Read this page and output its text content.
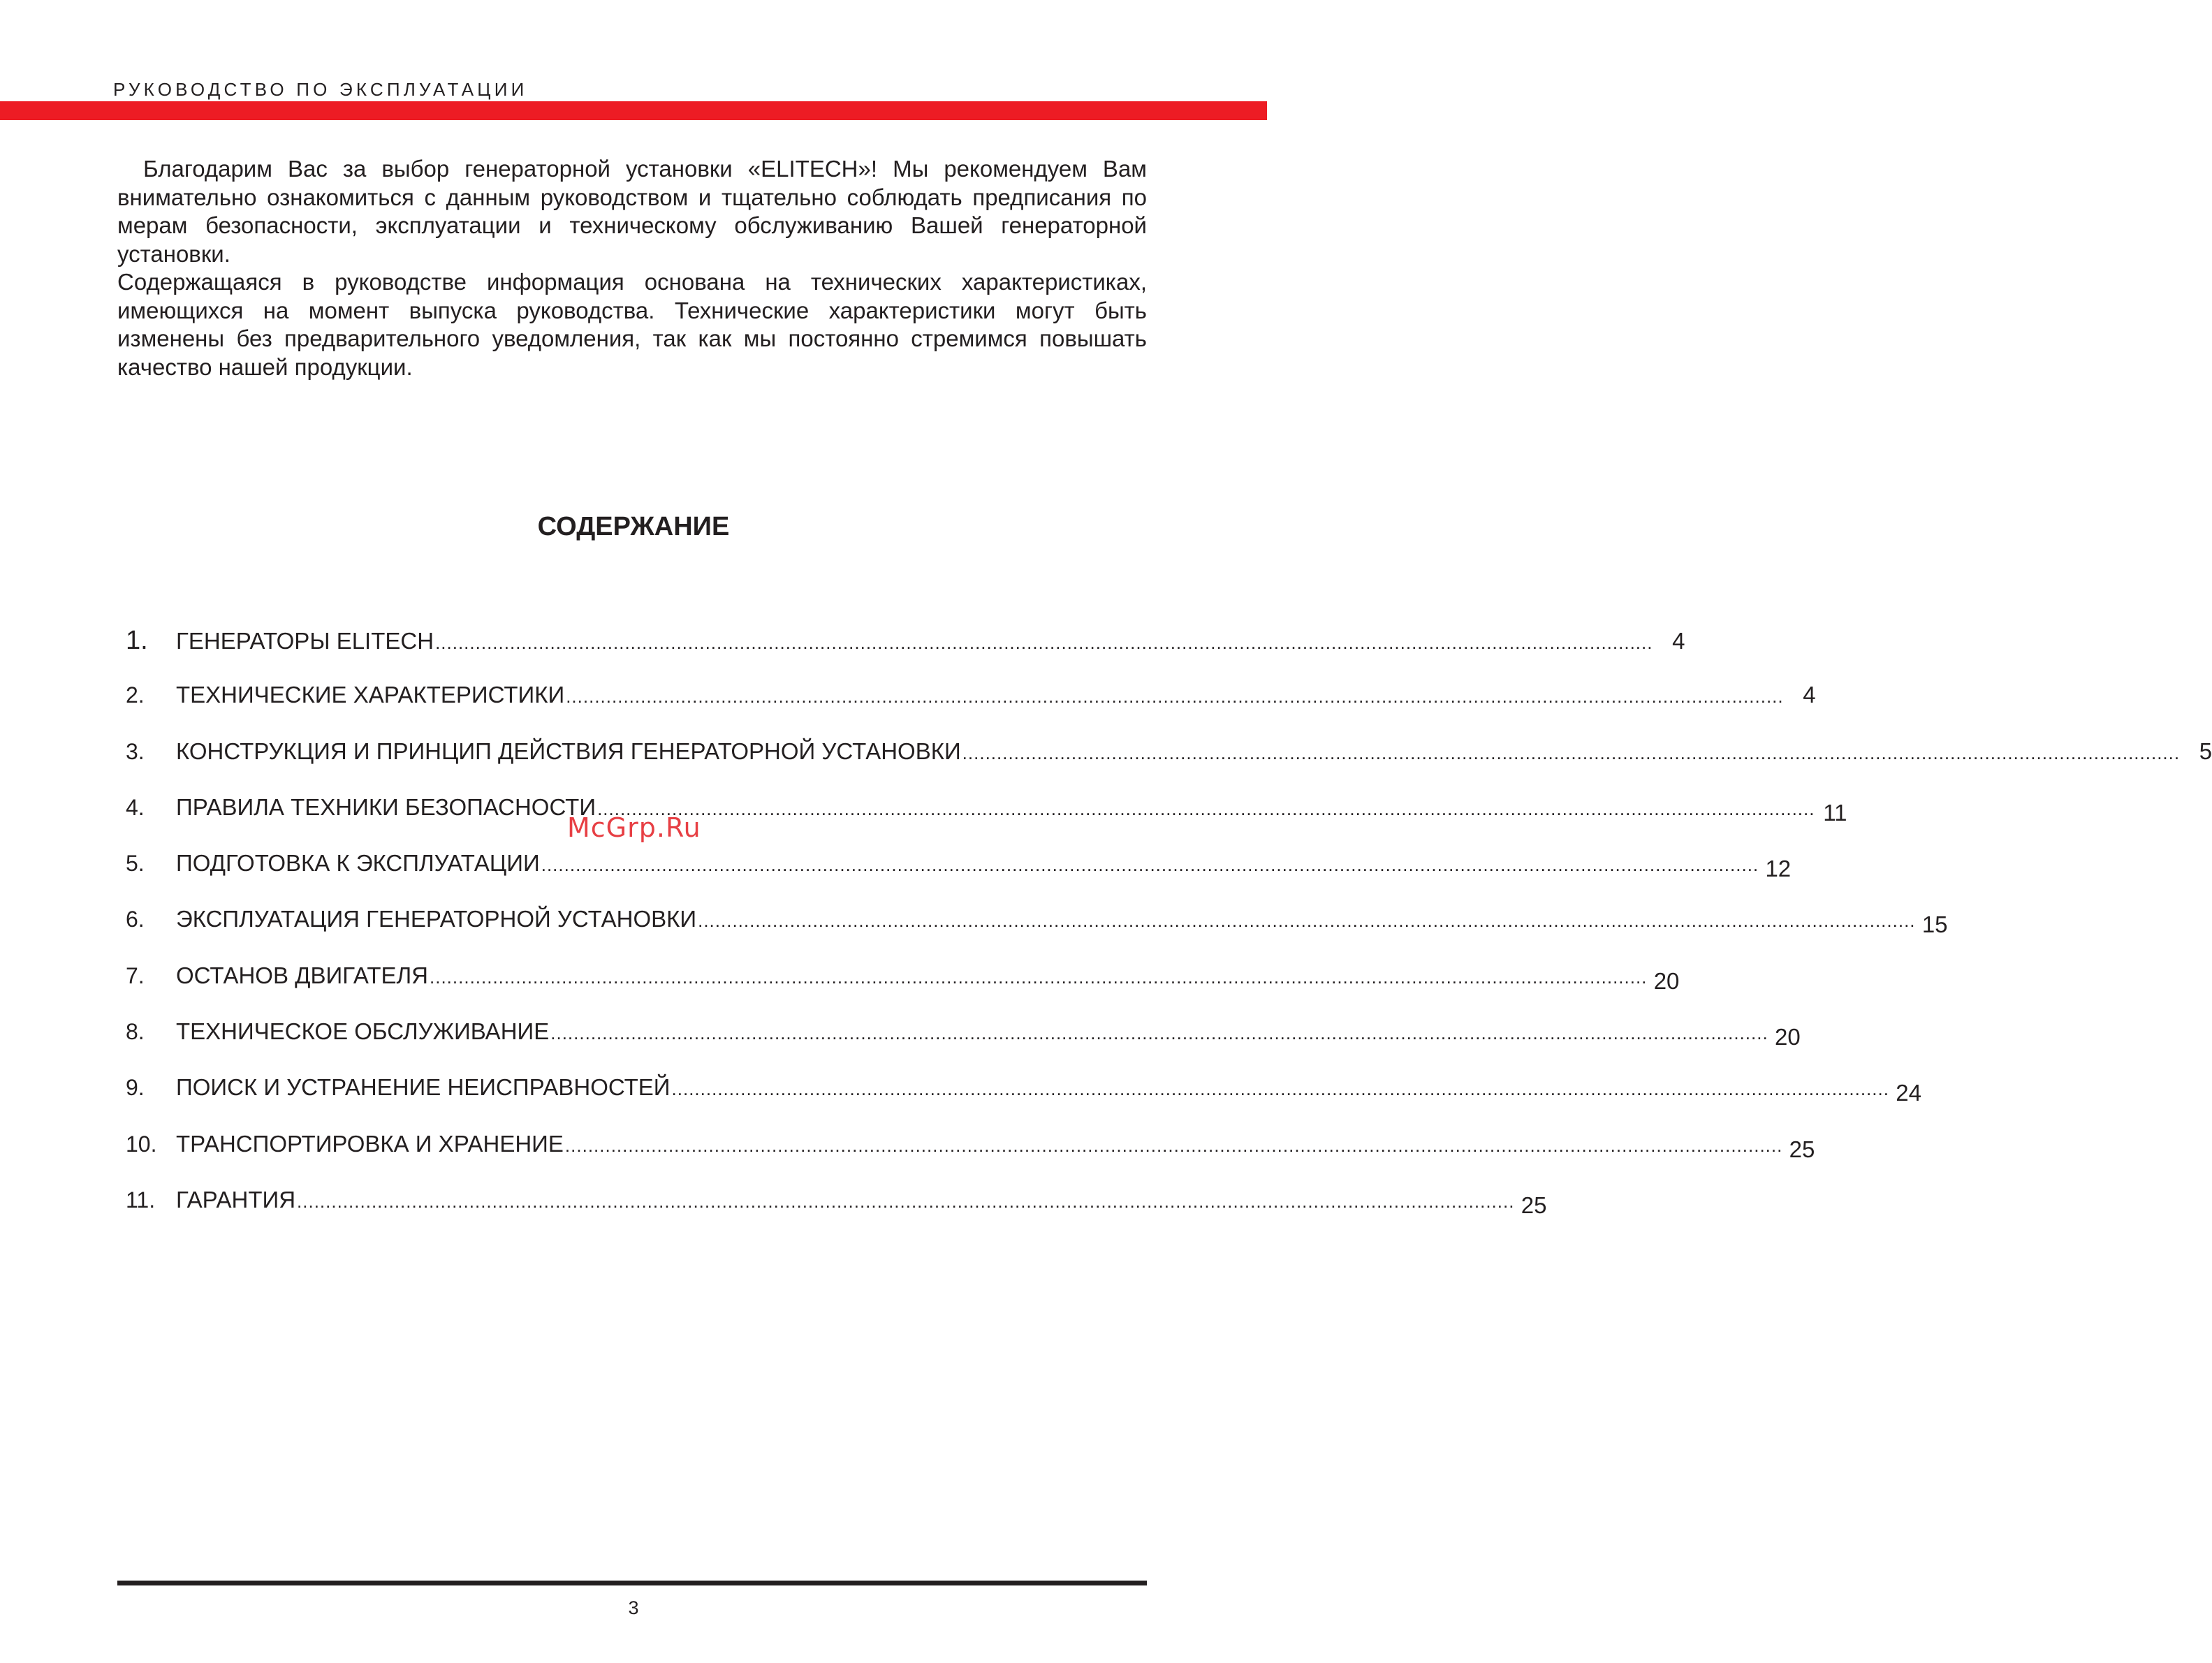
РУКОВОДСТВО ПО ЭКСПЛУАТАЦИИ

Благодарим Вас за выбор генераторной установки «ELITECH»! Мы рекомендуем Вам внимательно ознакомиться с данным руководством и тщательно соблюдать предписания по мерам безопасности, эксплуатации и техническому обслуживанию Вашей генераторной установки.

Содержащаяся в руководстве информация основана на технических характеристиках, имеющихся на момент выпуска руководства. Технические характеристики могут быть изменены без предварительного уведомления, так как мы постоянно стремимся повышать качество нашей продукции.

СОДЕРЖАНИЕ
1.	ГЕНЕРАТОРЫ ELITECH .................................................................................................................................................................................................................... 4
2.	ТЕХНИЧЕСКИЕ ХАРАКТЕРИСТИКИ .................................................................................................................................................................................................................... 4
3.	КОНСТРУКЦИЯ И ПРИНЦИП ДЕЙСТВИЯ ГЕНЕРАТОРНОЙ УСТАНОВКИ .................................................................................................................................................................................................................... 5
4.	ПРАВИЛА ТЕХНИКИ БЕЗОПАСНОСТИ .................................................................................................................................................................................................................... 11
5.	ПОДГОТОВКА К ЭКСПЛУАТАЦИИ .................................................................................................................................................................................................................... 12
6.	ЭКСПЛУАТАЦИЯ ГЕНЕРАТОРНОЙ УСТАНОВКИ .................................................................................................................................................................................................................... 15
7.	ОСТАНОВ ДВИГАТЕЛЯ .................................................................................................................................................................................................................... 20
8.	ТЕХНИЧЕСКОЕ ОБСЛУЖИВАНИЕ .................................................................................................................................................................................................................... 20
9.	ПОИСК И УСТРАНЕНИЕ НЕИСПРАВНОСТЕЙ .................................................................................................................................................................................................................... 24
10. ТРАНСПОРТИРОВКА И ХРАНЕНИЕ .................................................................................................................................................................................................................... 25
11. ГАРАНТИЯ .................................................................................................................................................................................................................... 25
McGrp.Ru
3
